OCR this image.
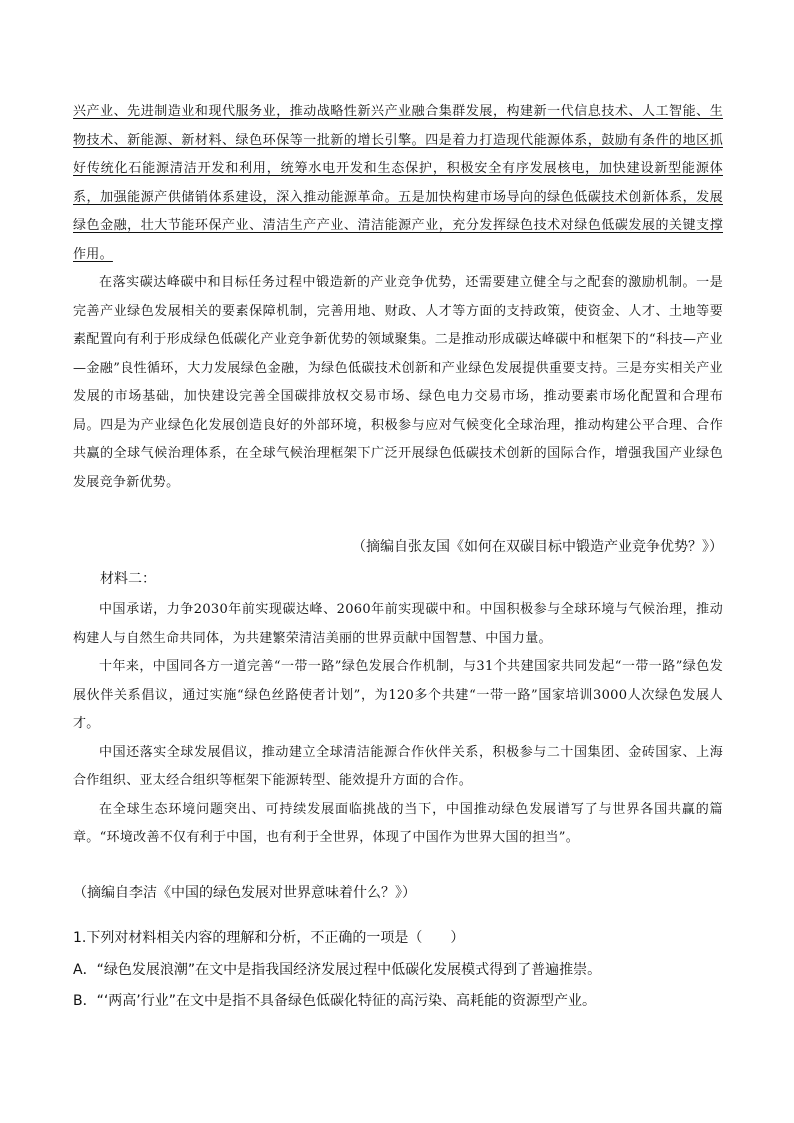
兴产业、先进制造业和现代服务业，推动战略性新兴产业融合集群发展，构建新一代信息技术、人工智能、生物技术、新能源、新材料、绿色环保等一批新的增长引擎。四是着力打造现代能源体系，鼓励有条件的地区抓好传统化石能源清洁开发和利用，统筹水电开发和生态保护，积极安全有序发展核电，加快建设新型能源体系，加强能源产供储销体系建设，深入推动能源革命。五是加快构建市场导向的绿色低碳技术创新体系，发展绿色金融，壮大节能环保产业、清洁生产产业、清洁能源产业，充分发挥绿色技术对绿色低碳发展的关键支撑作用。

在落实碳达峰碳中和目标任务过程中锻造新的产业竞争优势，还需要建立健全与之配套的激励机制。一是完善产业绿色发展相关的要素保障机制，完善用地、财政、人才等方面的支持政策，使资金、人才、土地等要素配置向有利于形成绿色低碳化产业竞争新优势的领域聚集。二是推动形成碳达峰碳中和框架下的“科技—产业—金融”良性循环，大力发展绿色金融，为绿色低碳技术创新和产业绿色发展提供重要支持。三是夯实相关产业发展的市场基础，加快建设完善全国碳排放权交易市场、绿色电力交易市场，推动要素市场化配置和合理布局。四是为产业绿色化发展创造良好的外部环境，积极参与应对气候变化全球治理，推动构建公平合理、合作共赢的全球气候治理体系，在全球气候治理框架下广泛开展绿色低碳技术创新的国际合作，增强我国产业绿色发展竞争新优势。

（摘编自张友国《如何在双碳目标中锻造产业竞争优势？》）
材料二：

中国承诺，力争2030年前实现碳达峰、2060年前实现碳中和。中国积极参与全球环境与气候治理，推动构建人与自然生命共同体，为共建繁荣清洁美丽的世界贡献中国智慧、中国力量。

十年来，中国同各方一道完善“一带一路”绿色发展合作机制，与31个共建国家共同发起“一带一路”绿色发展伙伴关系倡议，通过实施“绿色丝路使者计划”，为120多个共建“一带一路”国家培训3000人次绿色发展人才。

中国还落实全球发展倡议，推动建立全球清洁能源合作伙伴关系，积极参与二十国集团、金砖国家、上海合作组织、亚太经合组织等框架下能源转型、能效提升方面的合作。

在全球生态环境问题突出、可持续发展面临挑战的当下，中国推动绿色发展谱写了与世界各国共赢的篇章。“环境改善不仅有利于中国，也有利于全世界，体现了中国作为世界大国的担当”。

（摘编自李洁《中国的绿色发展对世界意味着什么？》）

1.下列对材料相关内容的理解和分析，不正确的一项是（　　）

A．“绿色发展浪潮”在文中是指我国经济发展过程中低碳化发展模式得到了普遍推崇。

B．“‘两高’行业”在文中是指不具备绿色低碳化特征的高污染、高耗能的资源型产业。
